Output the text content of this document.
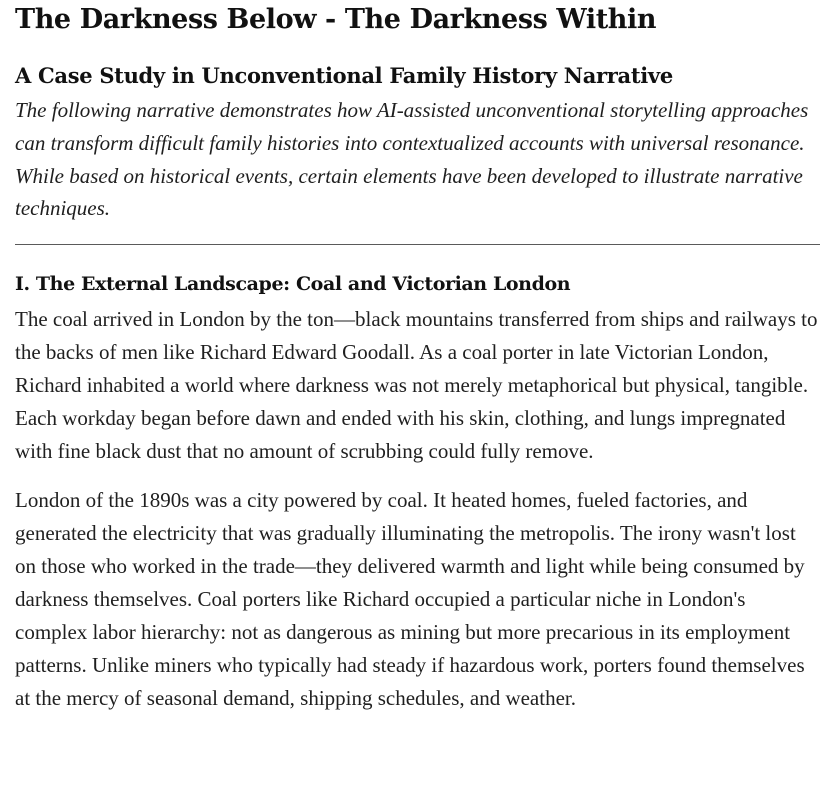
The Darkness Below - The Darkness Within
A Case Study in Unconventional Family History Narrative

The following narrative demonstrates how AI-assisted unconventional storytelling approaches can transform difficult family histories into contextualized accounts with universal resonance. While based on historical events, certain elements have been developed to illustrate narrative techniques.

I. The External Landscape: Coal and Victorian London

The coal arrived in London by the ton—black mountains transferred from ships and railways to the backs of men like Richard Edward Goodall. As a coal porter in late Victorian London, Richard inhabited a world where darkness was not merely metaphorical but physical, tangible. Each workday began before dawn and ended with his skin, clothing, and lungs impregnated with fine black dust that no amount of scrubbing could fully remove.

London of the 1890s was a city powered by coal. It heated homes, fueled factories, and generated the electricity that was gradually illuminating the metropolis. The irony wasn't lost on those who worked in the trade—they delivered warmth and light while being consumed by darkness themselves. Coal porters like Richard occupied a particular niche in London's complex labor hierarchy: not as dangerous as mining but more precarious in its employment patterns. Unlike miners who typically had steady if hazardous work, porters found themselves at the mercy of seasonal demand, shipping schedules, and weather.
